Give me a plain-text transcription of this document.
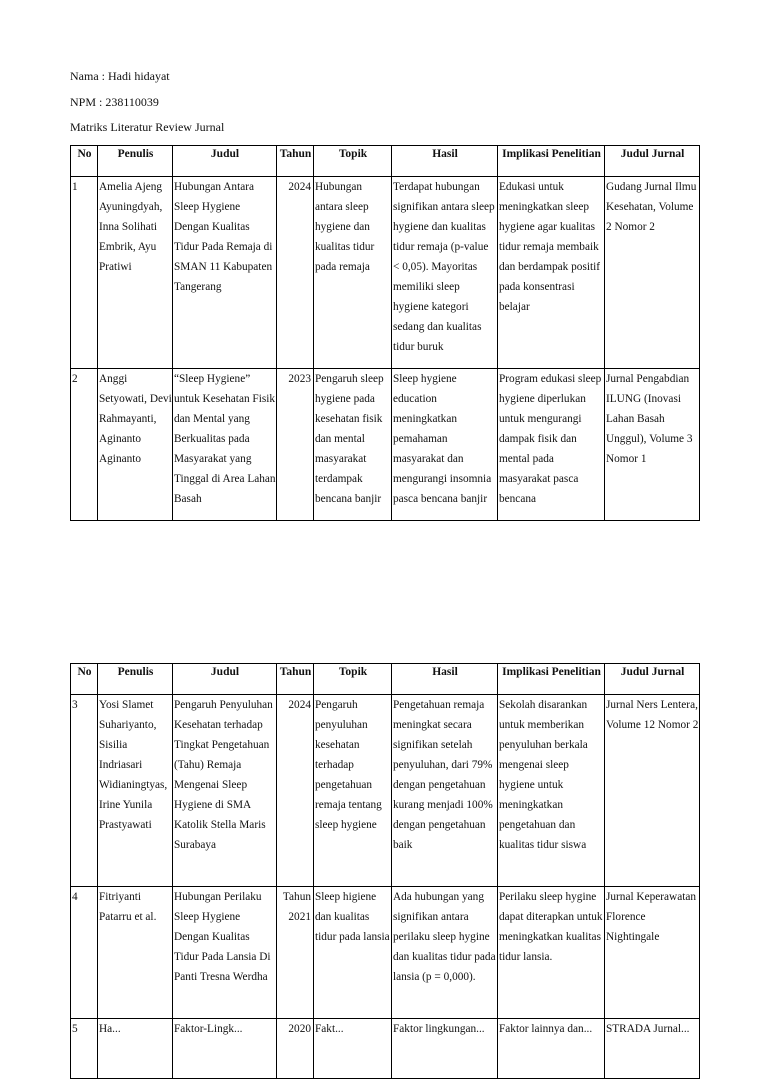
Nama : Hadi hidayat
NPM : 238110039
Matriks Literatur Review Jurnal
No	Penulis	Judul	Tahun	Topik	Hasil	Implikasi Penelitian	Judul Jurnal
1	Amelia Ajeng Ayuningdyah, Inna Solihati Embrik, Ayu Pratiwi	Hubungan Antara Sleep Hygiene Dengan Kualitas Tidur Pada Remaja di SMAN 11 Kabupaten Tangerang	2024	Hubungan antara sleep hygiene dan kualitas tidur pada remaja	Terdapat hubungan signifikan antara sleep hygiene dan kualitas tidur remaja (p-value < 0,05). Mayoritas memiliki sleep hygiene kategori sedang dan kualitas tidur buruk	Edukasi untuk meningkatkan sleep hygiene agar kualitas tidur remaja membaik dan berdampak positif pada konsentrasi belajar	Gudang Jurnal Ilmu Kesehatan, Volume 2 Nomor 2
2	Anggi Setyowati, Devi Rahmayanti, Aginanto Aginanto	“Sleep Hygiene” untuk Kesehatan Fisik dan Mental yang Berkualitas pada Masyarakat yang Tinggal di Area Lahan Basah	2023	Pengaruh sleep hygiene pada kesehatan fisik dan mental masyarakat terdampak bencana banjir	Sleep hygiene education meningkatkan pemahaman masyarakat dan mengurangi insomnia pasca bencana banjir	Program edukasi sleep hygiene diperlukan untuk mengurangi dampak fisik dan mental pada masyarakat pasca bencana	Jurnal Pengabdian ILUNG (Inovasi Lahan Basah Unggul), Volume 3 Nomor 1
No	Penulis	Judul	Tahun	Topik	Hasil	Implikasi Penelitian	Judul Jurnal
3	Yosi Slamet Suhariyanto, Sisilia Indriasari Widianingtyas, Irine Yunila Prastyawati	Pengaruh Penyuluhan Kesehatan terhadap Tingkat Pengetahuan (Tahu) Remaja Mengenai Sleep Hygiene di SMA Katolik Stella Maris Surabaya	2024	Pengaruh penyuluhan kesehatan terhadap pengetahuan remaja tentang sleep hygiene	Pengetahuan remaja meningkat secara signifikan setelah penyuluhan, dari 79% dengan pengetahuan kurang menjadi 100% dengan pengetahuan baik	Sekolah disarankan untuk memberikan penyuluhan berkala mengenai sleep hygiene untuk meningkatkan pengetahuan dan kualitas tidur siswa	Jurnal Ners Lentera, Volume 12 Nomor 2
4	Fitriyanti Patarru et al.	Hubungan Perilaku Sleep Hygiene Dengan Kualitas Tidur Pada Lansia Di Panti Tresna Werdha	Tahun 2021	Sleep higiene dan kualitas tidur pada lansia	Ada hubungan yang signifikan antara perilaku sleep hygine dan kualitas tidur pada lansia (p = 0,000).	Perilaku sleep hygine dapat diterapkan untuk meningkatkan kualitas tidur lansia.	Jurnal Keperawatan Florence Nightingale
5	Ha...	Faktor-Lingk...	2020	Fakt...	Faktor lingkungan...	Faktor lainnya dan...	STRADA Jurnal...
